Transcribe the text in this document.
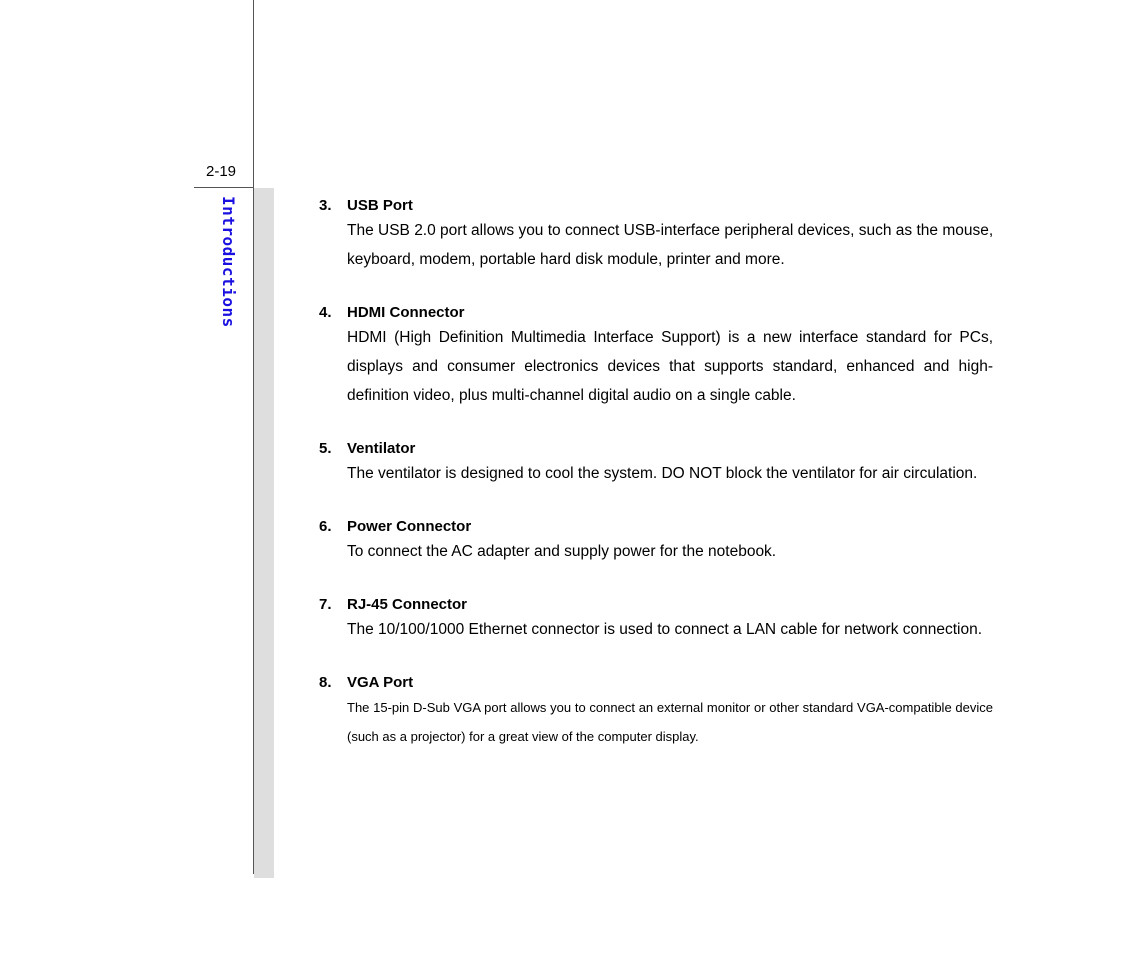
2-19
Introductions	3.	USB Port
The USB 2.0 port allows you to connect USB-interface peripheral devices, such as the mouse, keyboard, modem, portable hard disk module, printer and more.
4.	HDMI Connector
HDMI (High Definition Multimedia Interface Support) is a new interface standard for PCs, displays and consumer electronics devices that supports standard, enhanced and high-definition video, plus multi-channel digital audio on a single cable.
5.	Ventilator
The ventilator is designed to cool the system. DO NOT block the ventilator for air circulation.
6.	Power Connector
To connect the AC adapter and supply power for the notebook.
7.	RJ-45 Connector
The 10/100/1000 Ethernet connector is used to connect a LAN cable for network connection.
8.	VGA Port
The 15-pin D-Sub VGA port allows you to connect an external monitor or other standard VGA-compatible device (such as a projector) for a great view of the computer display.
